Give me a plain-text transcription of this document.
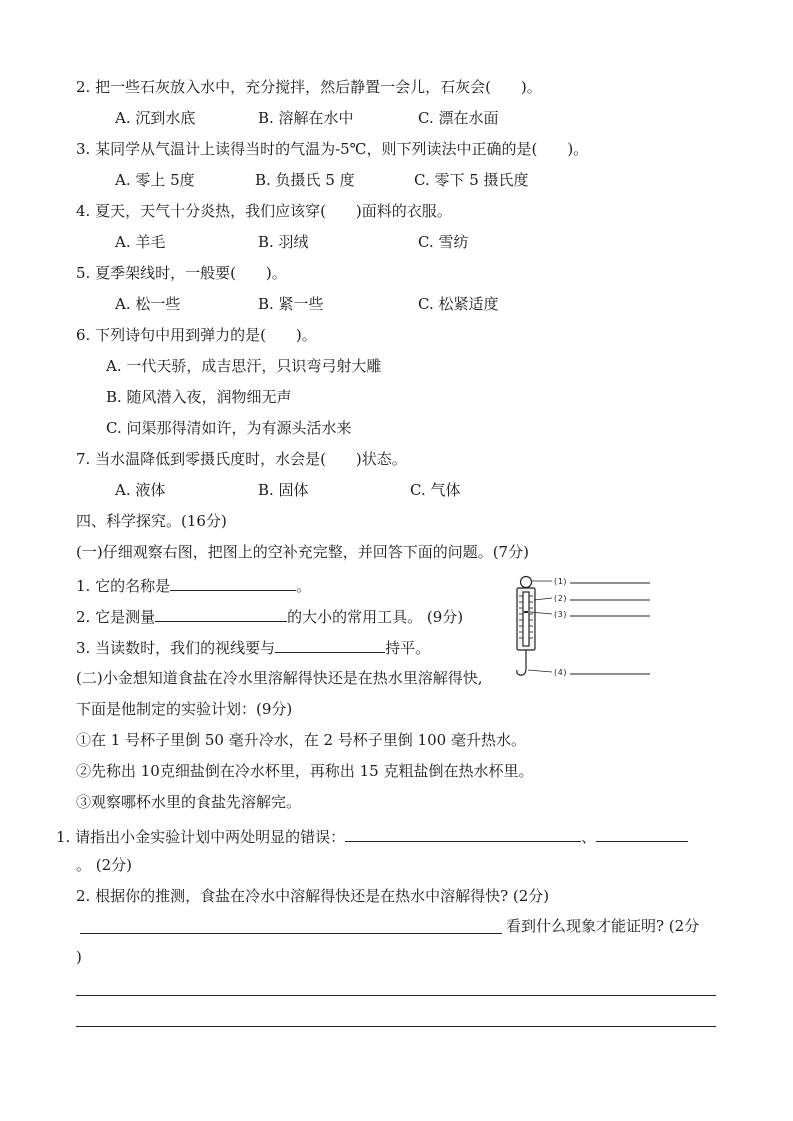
2. 把一些石灰放入水中，充分搅拌，然后静置一会儿，石灰会(　　)。
A. 沉到水底	B. 溶解在水中	C. 漂在水面
3. 某同学从气温计上读得当时的气温为-5℃，则下列读法中正确的是(　　)。
A. 零上 5度	B. 负摄氏 5 度	C. 零下 5 摄氏度
4. 夏天，天气十分炎热，我们应该穿(　　)面料的衣服。
A. 羊毛	B. 羽绒	C. 雪纺
5. 夏季架线时，一般要(　　)。
A. 松一些	B. 紧一些	C. 松紧适度
6. 下列诗句中用到弹力的是(　　)。
A. 一代天骄，成吉思汗，只识弯弓射大雕
B. 随风潜入夜，润物细无声
C. 问渠那得清如许，为有源头活水来
7. 当水温降低到零摄氏度时，水会是(　　)状态。
A. 液体	B. 固体	C. 气体
四、科学探究。(16分)
(一)仔细观察右图，把图上的空补充完整，并回答下面的问题。(7分)
1. 它的名称是	。
2. 它是测量	的大小的常用工具。 (9分)
3. 当读数时，我们的视线要与	持平。
(1)
(2)
(3)
(4)
(二)小金想知道食盐在冷水里溶解得快还是在热水里溶解得快,
下面是他制定的实验计划：(9分)
①在 1 号杯子里倒 50 毫升冷水，在 2 号杯子里倒 100 毫升热水。
②先称出 10克细盐倒在冷水杯里，再称出 15 克粗盐倒在热水杯里。
③观察哪杯水里的食盐先溶解完。
1. 请指出小金实验计划中两处明显的错误：	、
。 (2分)
2. 根据你的推测，食盐在冷水中溶解得快还是在热水中溶解得快? (2分)
看到什么现象才能证明? (2分
)
